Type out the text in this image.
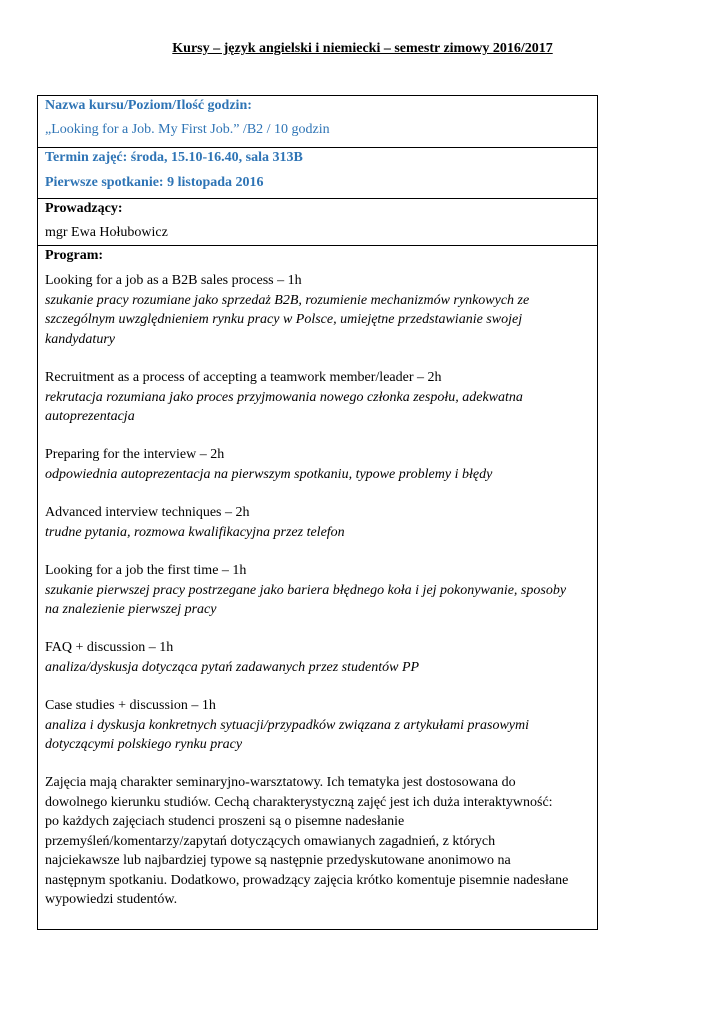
Kursy – język angielski i niemiecki – semestr zimowy 2016/2017
Nazwa kursu/Poziom/Ilość godzin:
„Looking for a Job. My First Job.” /B2 / 10 godzin
Termin zajęć: środa, 15.10-16.40, sala 313B
Pierwsze spotkanie: 9 listopada 2016
Prowadzący:
mgr Ewa Hołubowicz
Program:
Looking for a job as a B2B sales process – 1h
szukanie pracy rozumiane jako sprzedaż B2B, rozumienie mechanizmów rynkowych ze
szczególnym uwzględnieniem rynku pracy w Polsce, umiejętne przedstawianie swojej
kandydatury
Recruitment as a process of accepting a teamwork member/leader – 2h
rekrutacja rozumiana jako proces przyjmowania nowego członka zespołu, adekwatna
autoprezentacja
Preparing for the interview – 2h
odpowiednia autoprezentacja na pierwszym spotkaniu, typowe problemy i błędy
Advanced interview techniques – 2h
trudne pytania, rozmowa kwalifikacyjna przez telefon
Looking for a job the first time – 1h
szukanie pierwszej pracy postrzegane jako bariera błędnego koła i jej pokonywanie, sposoby
na znalezienie pierwszej pracy
FAQ + discussion – 1h
analiza/dyskusja dotycząca pytań zadawanych przez studentów PP
Case studies + discussion – 1h
analiza i dyskusja konkretnych sytuacji/przypadków związana z artykułami prasowymi
dotyczącymi polskiego rynku pracy
Zajęcia mają charakter seminaryjno-warsztatowy. Ich tematyka jest dostosowana do
dowolnego kierunku studiów. Cechą charakterystyczną zajęć jest ich duża interaktywność:
po każdych zajęciach studenci proszeni są o pisemne nadesłanie
przemyśleń/komentarzy/zapytań dotyczących omawianych zagadnień, z których
najciekawsze lub najbardziej typowe są następnie przedyskutowane anonimowo na
następnym spotkaniu. Dodatkowo, prowadzący zajęcia krótko komentuje pisemnie nadesłane
wypowiedzi studentów.
